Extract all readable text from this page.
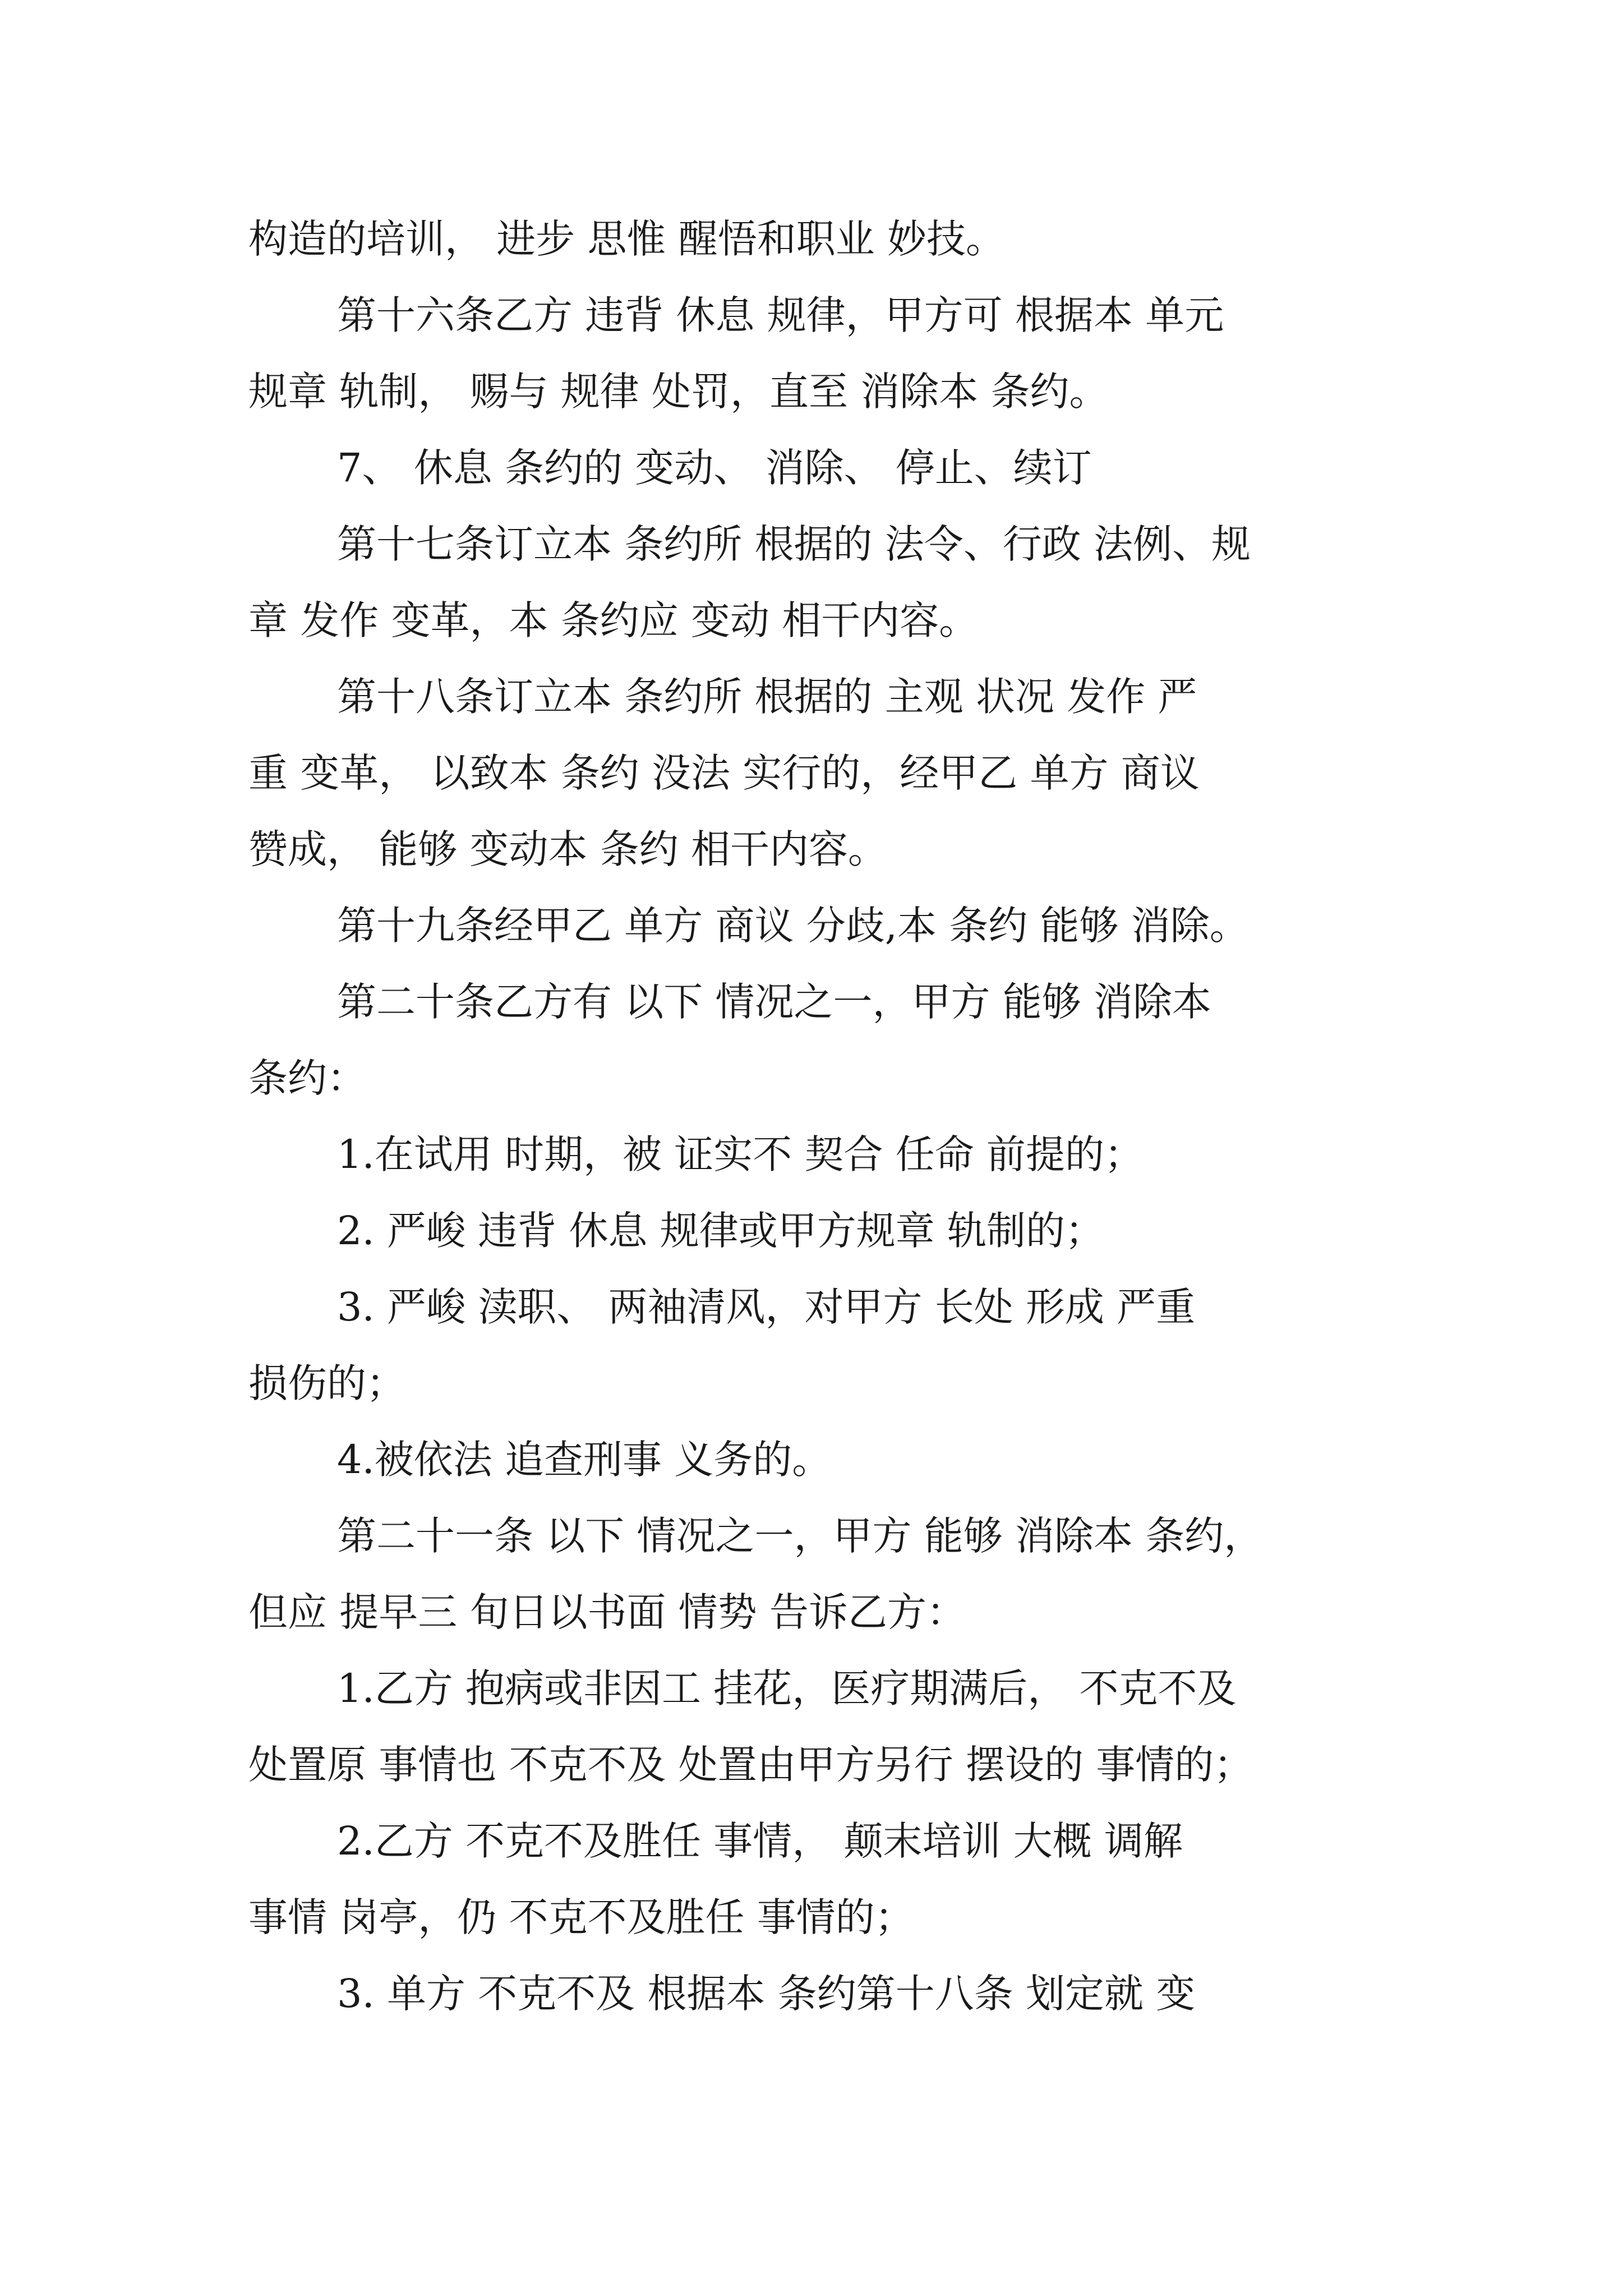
构造的培训， 进步 思惟 醒悟和职业 妙技。

第十六条乙方 违背 休息 规律，甲方可 根据本 单元

规章 轨制， 赐与 规律 处罚，直至 消除本 条约。

7、 休息 条约的 变动、 消除、 停止、续订

第十七条订立本 条约所 根据的 法令、行政 法例、规

章 发作 变革，本 条约应 变动 相干内容。

第十八条订立本 条约所 根据的 主观 状况 发作 严

重 变革， 以致本 条约 没法 实行的，经甲乙 单方 商议

赞成， 能够 变动本 条约 相干内容。

第十九条经甲乙 单方 商议 分歧,本 条约 能够 消除。

第二十条乙方有 以下 情况之一，甲方 能够 消除本

条约：

1.在试用 时期，被 证实不 契合 任命 前提的；

2. 严峻 违背 休息 规律或甲方规章 轨制的；

3. 严峻 渎职、 两袖清风，对甲方 长处 形成 严重

损伤的；

4.被依法 追查刑事 义务的。

第二十一条 以下 情况之一，甲方 能够 消除本 条约，

但应 提早三 旬日以书面 情势 告诉乙方：

1.乙方 抱病或非因工 挂花，医疗期满后， 不克不及

处置原 事情也 不克不及 处置由甲方另行 摆设的 事情的；

2.乙方 不克不及胜任 事情， 颠末培训 大概 调解

事情 岗亭，仍 不克不及胜任 事情的；

3. 单方 不克不及 根据本 条约第十八条 划定就 变
